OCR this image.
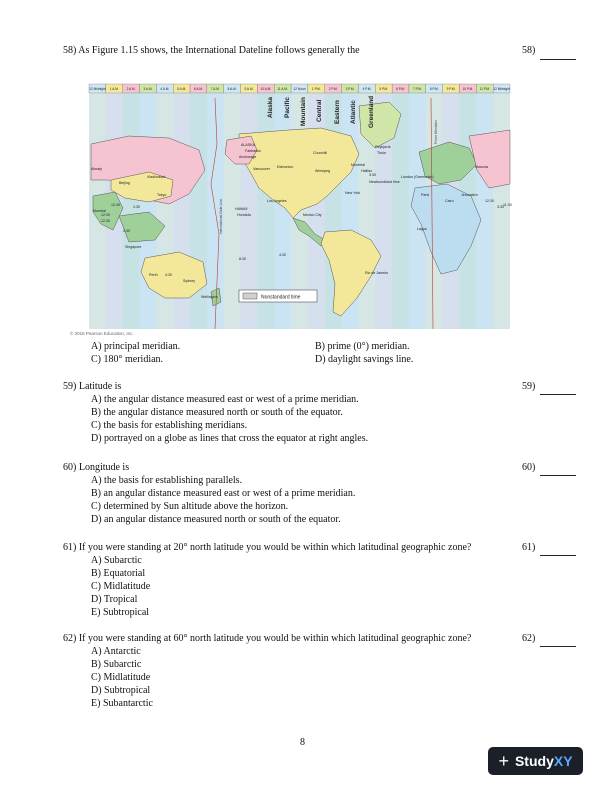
58) As Figure 1.15 shows, the International Dateline follows generally the	58)
12 Midnight 1 A.M. 2 A.M. 3 A.M. 4 A.M. 5 A.M. 6 A.M. 7 A.M. 8 A.M. 9 A.M. 10 A.M. 11 A.M. 12 Noon 1 P.M.	2 P.M.	3 P.M.	4 P.M.	5 P.M.	6 P.M.	7 P.M.	8 P.M.	9 P.M. 10 P.M. 11 P.M. 12 Midnight
International Date Line
Prime Meridian
Alaska Pacific Mountain Central Eastern Atlantic Greenland
ALASKA
Fairbanks
Anchorage
Vancouver Edmonton
Churchill
Winnipeg
Montréal
Halifax
New York
Los Angeles
Mexico City
HAWAII
Honolulu
Reykjavík
Thule
London (Greenwich)
Moscow
Paris	Jerusalem
Cairo
Lagos
Rio de Janeiro
Beijing
Tokyo
Vladivostok
Mumbai
Singapore
Perth
Sydney
Wellington
Almaty
3:30
Newfoundland time
12:45	1:30
12:30
12:30
2:30
4:30
8:30
4:30
3:30
12:30
11:30
Nonstandard time
© 2016 Pearson Education, Inc.
A) principal meridian.	B) prime (0°) meridian.
C) 180° meridian.	D) daylight savings line.
59) Latitude is
A) the angular distance measured east or west of a prime meridian.
B) the angular distance measured north or south of the equator.
C) the basis for establishing meridians.
D) portrayed on a globe as lines that cross the equator at right angles.
59)
60) Longitude is
A) the basis for establishing parallels.
B) an angular distance measured east or west of a prime meridian.
C) determined by Sun altitude above the horizon.
D) an angular distance measured north or south of the equator.
60)
61) If you were standing at 20° north latitude you would be within which latitudinal geographic zone?
A) Subarctic
B) Equatorial
C) Midlatitude
D) Tropical
E) Subtropical
61)
62) If you were standing at 60° north latitude you would be within which latitudinal geographic zone?
A) Antarctic
B) Subarctic
C) Midlatitude
D) Subtropical
E) Subantarctic
62)
8
+ StudyXY
